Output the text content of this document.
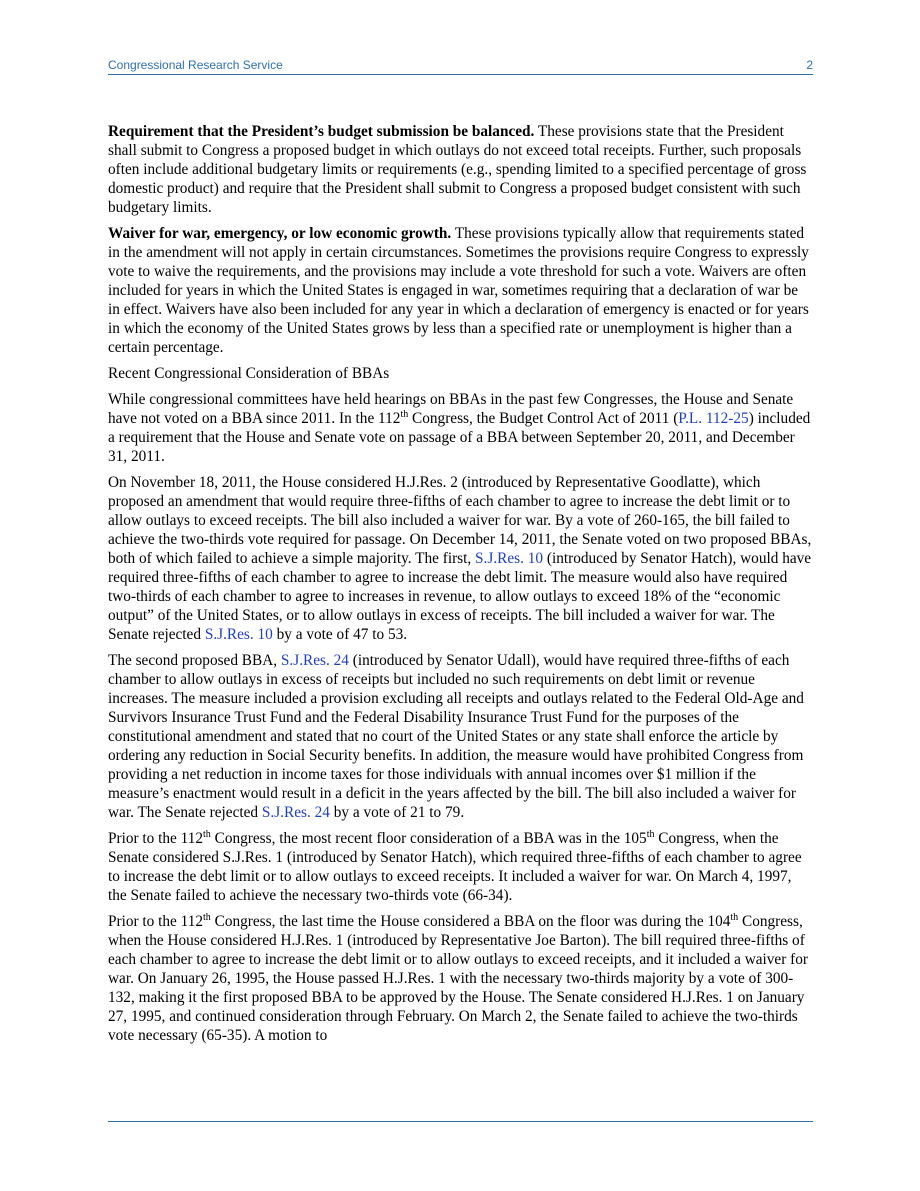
Congressional Research Service	2

Requirement that the President’s budget submission be balanced. These provisions state that the President shall submit to Congress a proposed budget in which outlays do not exceed total receipts. Further, such proposals often include additional budgetary limits or requirements (e.g., spending limited to a specified percentage of gross domestic product) and require that the President shall submit to Congress a proposed budget consistent with such budgetary limits.

Waiver for war, emergency, or low economic growth. These provisions typically allow that requirements stated in the amendment will not apply in certain circumstances. Sometimes the provisions require Congress to expressly vote to waive the requirements, and the provisions may include a vote threshold for such a vote. Waivers are often included for years in which the United States is engaged in war, sometimes requiring that a declaration of war be in effect. Waivers have also been included for any year in which a declaration of emergency is enacted or for years in which the economy of the United States grows by less than a specified rate or unemployment is higher than a certain percentage.

Recent Congressional Consideration of BBAs

While congressional committees have held hearings on BBAs in the past few Congresses, the House and Senate have not voted on a BBA since 2011. In the 112th Congress, the Budget Control Act of 2011 (P.L. 112-25) included a requirement that the House and Senate vote on passage of a BBA between September 20, 2011, and December 31, 2011.

On November 18, 2011, the House considered H.J.Res. 2 (introduced by Representative Goodlatte), which proposed an amendment that would require three-fifths of each chamber to agree to increase the debt limit or to allow outlays to exceed receipts. The bill also included a waiver for war. By a vote of 260-165, the bill failed to achieve the two-thirds vote required for passage. On December 14, 2011, the Senate voted on two proposed BBAs, both of which failed to achieve a simple majority. The first, S.J.Res. 10 (introduced by Senator Hatch), would have required three-fifths of each chamber to agree to increase the debt limit. The measure would also have required two-thirds of each chamber to agree to increases in revenue, to allow outlays to exceed 18% of the “economic output” of the United States, or to allow outlays in excess of receipts. The bill included a waiver for war. The Senate rejected S.J.Res. 10 by a vote of 47 to 53.

The second proposed BBA, S.J.Res. 24 (introduced by Senator Udall), would have required three-fifths of each chamber to allow outlays in excess of receipts but included no such requirements on debt limit or revenue increases. The measure included a provision excluding all receipts and outlays related to the Federal Old-Age and Survivors Insurance Trust Fund and the Federal Disability Insurance Trust Fund for the purposes of the constitutional amendment and stated that no court of the United States or any state shall enforce the article by ordering any reduction in Social Security benefits. In addition, the measure would have prohibited Congress from providing a net reduction in income taxes for those individuals with annual incomes over $1 million if the measure’s enactment would result in a deficit in the years affected by the bill. The bill also included a waiver for war. The Senate rejected S.J.Res. 24 by a vote of 21 to 79.

Prior to the 112th Congress, the most recent floor consideration of a BBA was in the 105th Congress, when the Senate considered S.J.Res. 1 (introduced by Senator Hatch), which required three-fifths of each chamber to agree to increase the debt limit or to allow outlays to exceed receipts. It included a waiver for war. On March 4, 1997, the Senate failed to achieve the necessary two-thirds vote (66-34).

Prior to the 112th Congress, the last time the House considered a BBA on the floor was during the 104th Congress, when the House considered H.J.Res. 1 (introduced by Representative Joe Barton). The bill required three-fifths of each chamber to agree to increase the debt limit or to allow outlays to exceed receipts, and it included a waiver for war. On January 26, 1995, the House passed H.J.Res. 1 with the necessary two-thirds majority by a vote of 300-132, making it the first proposed BBA to be approved by the House. The Senate considered H.J.Res. 1 on January 27, 1995, and continued consideration through February. On March 2, the Senate failed to achieve the two-thirds vote necessary (65-35). A motion to
